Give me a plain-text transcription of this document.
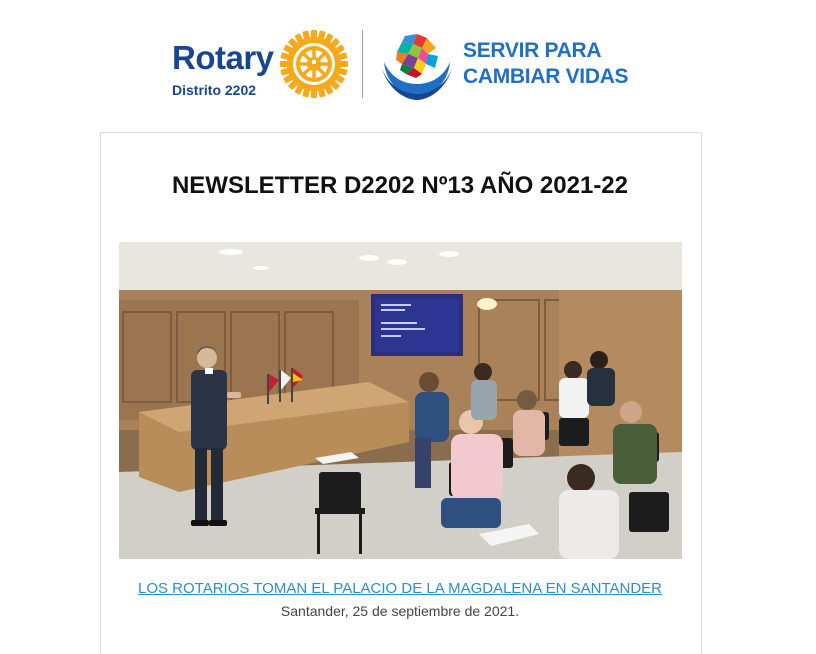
Rotary
Distrito 2202
SERVIR PARA
CAMBIAR VIDAS
NEWSLETTER D2202 Nº13 AÑO 2021-22
LOS ROTARIOS TOMAN EL PALACIO DE LA MAGDALENA EN SANTANDER
Santander, 25 de septiembre de 2021.
